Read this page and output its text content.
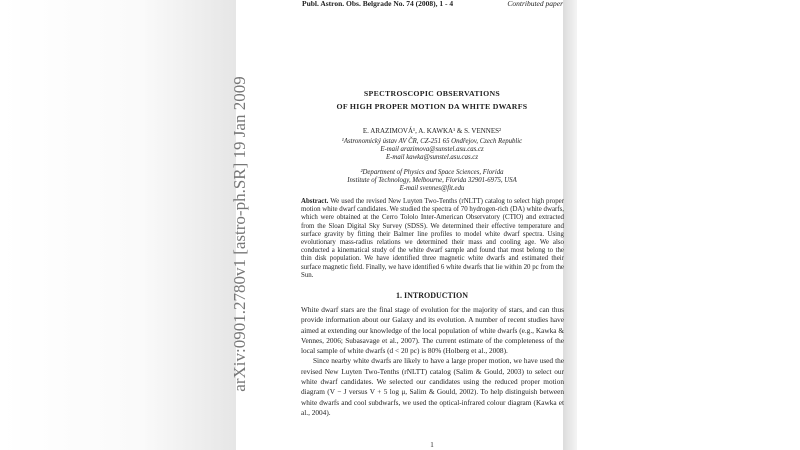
arXiv:0901.2780v1 [astro-ph.SR] 19 Jan 2009
Publ. Astron. Obs. Belgrade No. 74 (2008), 1 - 4	Contributed paper
SPECTROSCOPIC OBSERVATIONS
OF HIGH PROPER MOTION DA WHITE DWARFS
E. ARAZIMOVÁ¹, A. KAWKA¹ & S. VENNES²
¹Astronomický ústav AV ČR, CZ-251 65 Ondřejov, Czech Republic
E-mail arazimova@sunstel.asu.cas.cz
E-mail kawka@sunstel.asu.cas.cz
²Department of Physics and Space Sciences, Florida
Institute of Technology, Melbourne, Florida 32901-6975, USA
E-mail svennes@fit.edu
Abstract. We used the revised New Luyten Two-Tenths (rNLTT) catalog to select high proper motion white dwarf candidates. We studied the spectra of 70 hydrogen-rich (DA) white dwarfs, which were obtained at the Cerro Tololo Inter-American Observatory (CTIO) and extracted from the Sloan Digital Sky Survey (SDSS). We determined their effective temperature and surface gravity by fitting their Balmer line profiles to model white dwarf spectra. Using evolutionary mass-radius relations we determined their mass and cooling age. We also conducted a kinematical study of the white dwarf sample and found that most belong to the thin disk population. We have identified three magnetic white dwarfs and estimated their surface magnetic field. Finally, we have identified 6 white dwarfs that lie within 20 pc from the Sun.
1. INTRODUCTION

White dwarf stars are the final stage of evolution for the majority of stars, and can thus provide information about our Galaxy and its evolution. A number of recent studies have aimed at extending our knowledge of the local population of white dwarfs (e.g., Kawka & Vennes, 2006; Subasavage et al., 2007). The current estimate of the completeness of the local sample of white dwarfs (d < 20 pc) is 80% (Holberg et al., 2008).

Since nearby white dwarfs are likely to have a large proper motion, we have used the revised New Luyten Two-Tenths (rNLTT) catalog (Salim & Gould, 2003) to select our white dwarf candidates. We selected our candidates using the reduced proper motion diagram (V − J versus V + 5 log μ, Salim & Gould, 2002). To help distinguish between white dwarfs and cool subdwarfs, we used the optical-infrared colour diagram (Kawka et al., 2004).

1
